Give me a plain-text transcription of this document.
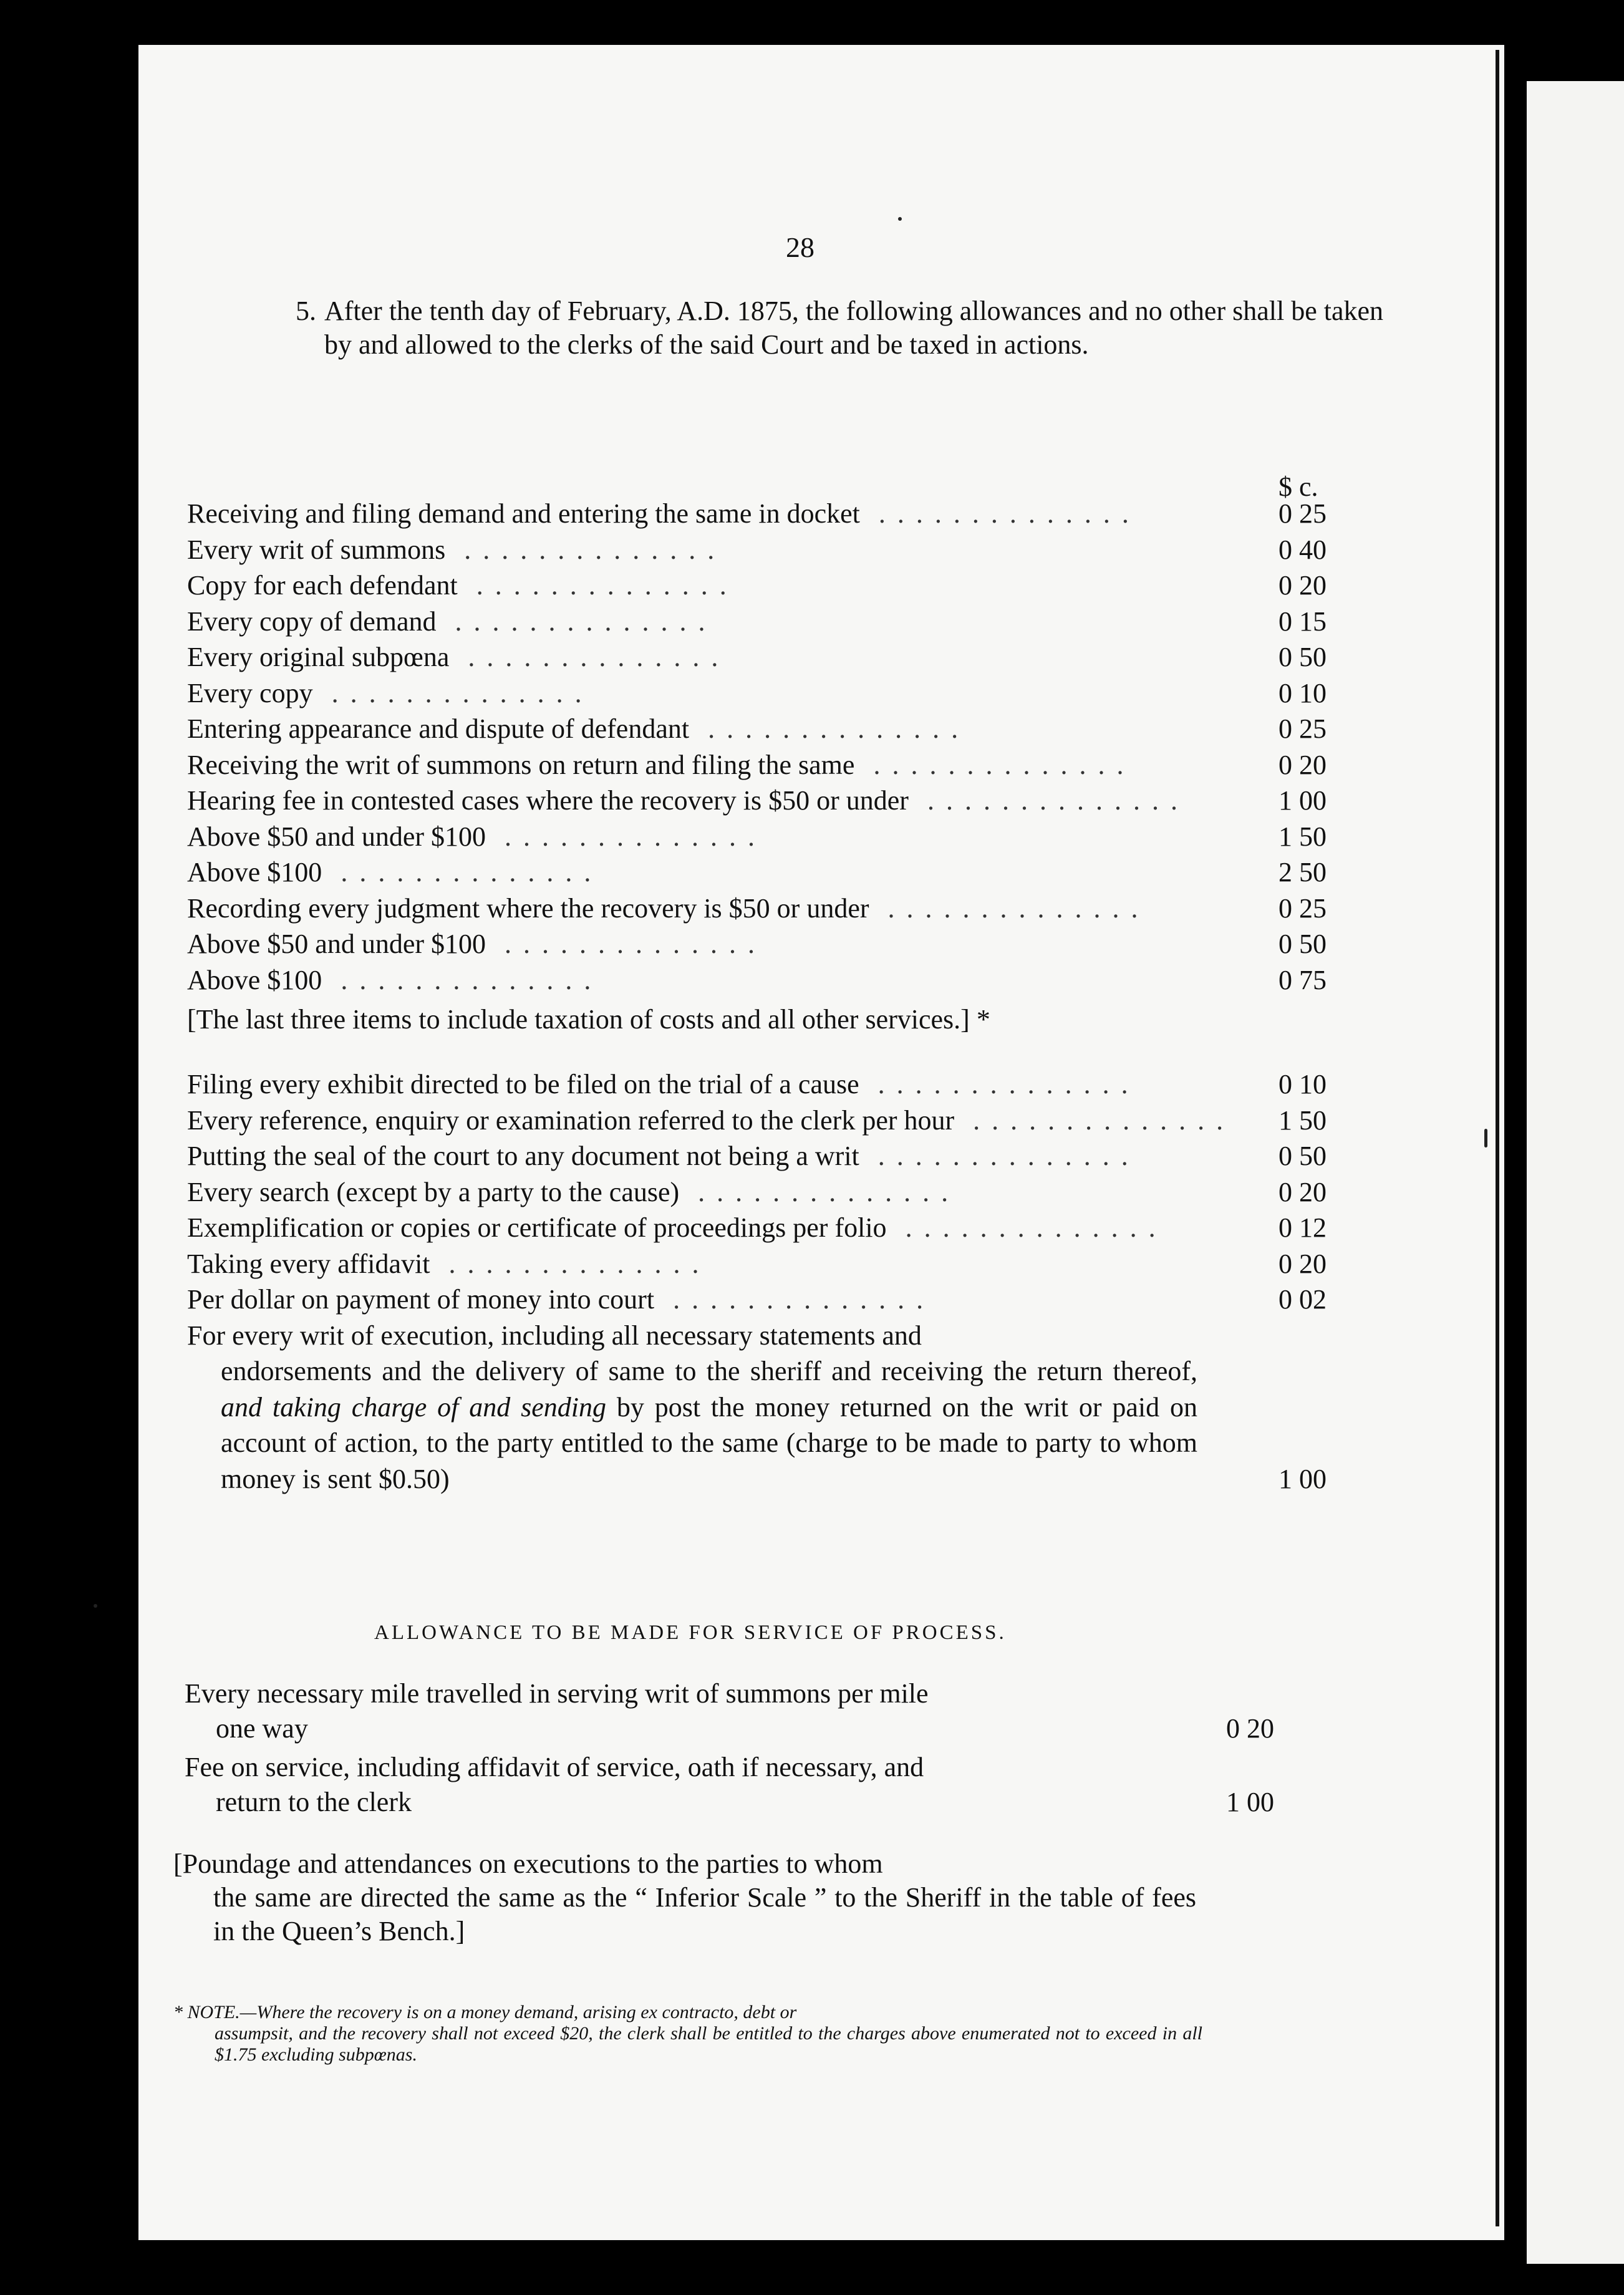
28
5. After the tenth day of February, A.D. 1875, the following allowances and no other shall be taken by and allowed to the clerks of the said Court and be taxed in actions.
$ c.
Receiving and filing demand and entering the same in docket . .	0 25
Every writ of summons . .	0 40
Copy for each defendant . .	0 20
Every copy of demand . .	0 15
Every original subpœna . .	0 50
Every copy . .	0 10
Entering appearance and dispute of defendant . .	0 25
Receiving the writ of summons on return and filing the same . .	0 20
Hearing fee in contested cases where the recovery is $50 or under . .	1 00
Above $50 and under $100 . .	1 50
Above $100 . .	2 50
Recording every judgment where the recovery is $50 or under . .	0 25
Above $50 and under $100 . .	0 50
Above $100 . .	0 75
[The last three items to include taxation of costs and all other services.] *
Filing every exhibit directed to be filed on the trial of a cause . .	0 10
Every reference, enquiry or examination referred to the clerk per hour . .	1 50
Putting the seal of the court to any document not being a writ . .	0 50
Every search (except by a party to the cause) . .	0 20
Exemplification or copies or certificate of proceedings per folio . .	0 12
Taking every affidavit . .	0 20
Per dollar on payment of money into court . .	0 02
For every writ of execution, including all necessary statements and
endorsements and the delivery of same to the sheriff and receiving the return thereof, and taking charge of and sending by post the money returned on the writ or paid on account of action, to the party entitled to the same (charge to be made to party to whom money is sent $0.50)	1 00
ALLOWANCE TO BE MADE FOR SERVICE OF PROCESS.
Every necessary mile travelled in serving writ of summons per mile
one way	0 20
Fee on service, including affidavit of service, oath if necessary, and
return to the clerk	1 00
[Poundage and attendances on executions to the parties to whom
the same are directed the same as the “ Inferior Scale ” to the Sheriff in the table of fees in the Queen’s Bench.]
* NOTE.—Where the recovery is on a money demand, arising ex contracto, debt or
assumpsit, and the recovery shall not exceed $20, the clerk shall be entitled to the charges above enumerated not to exceed in all $1.75 excluding subpœnas.
